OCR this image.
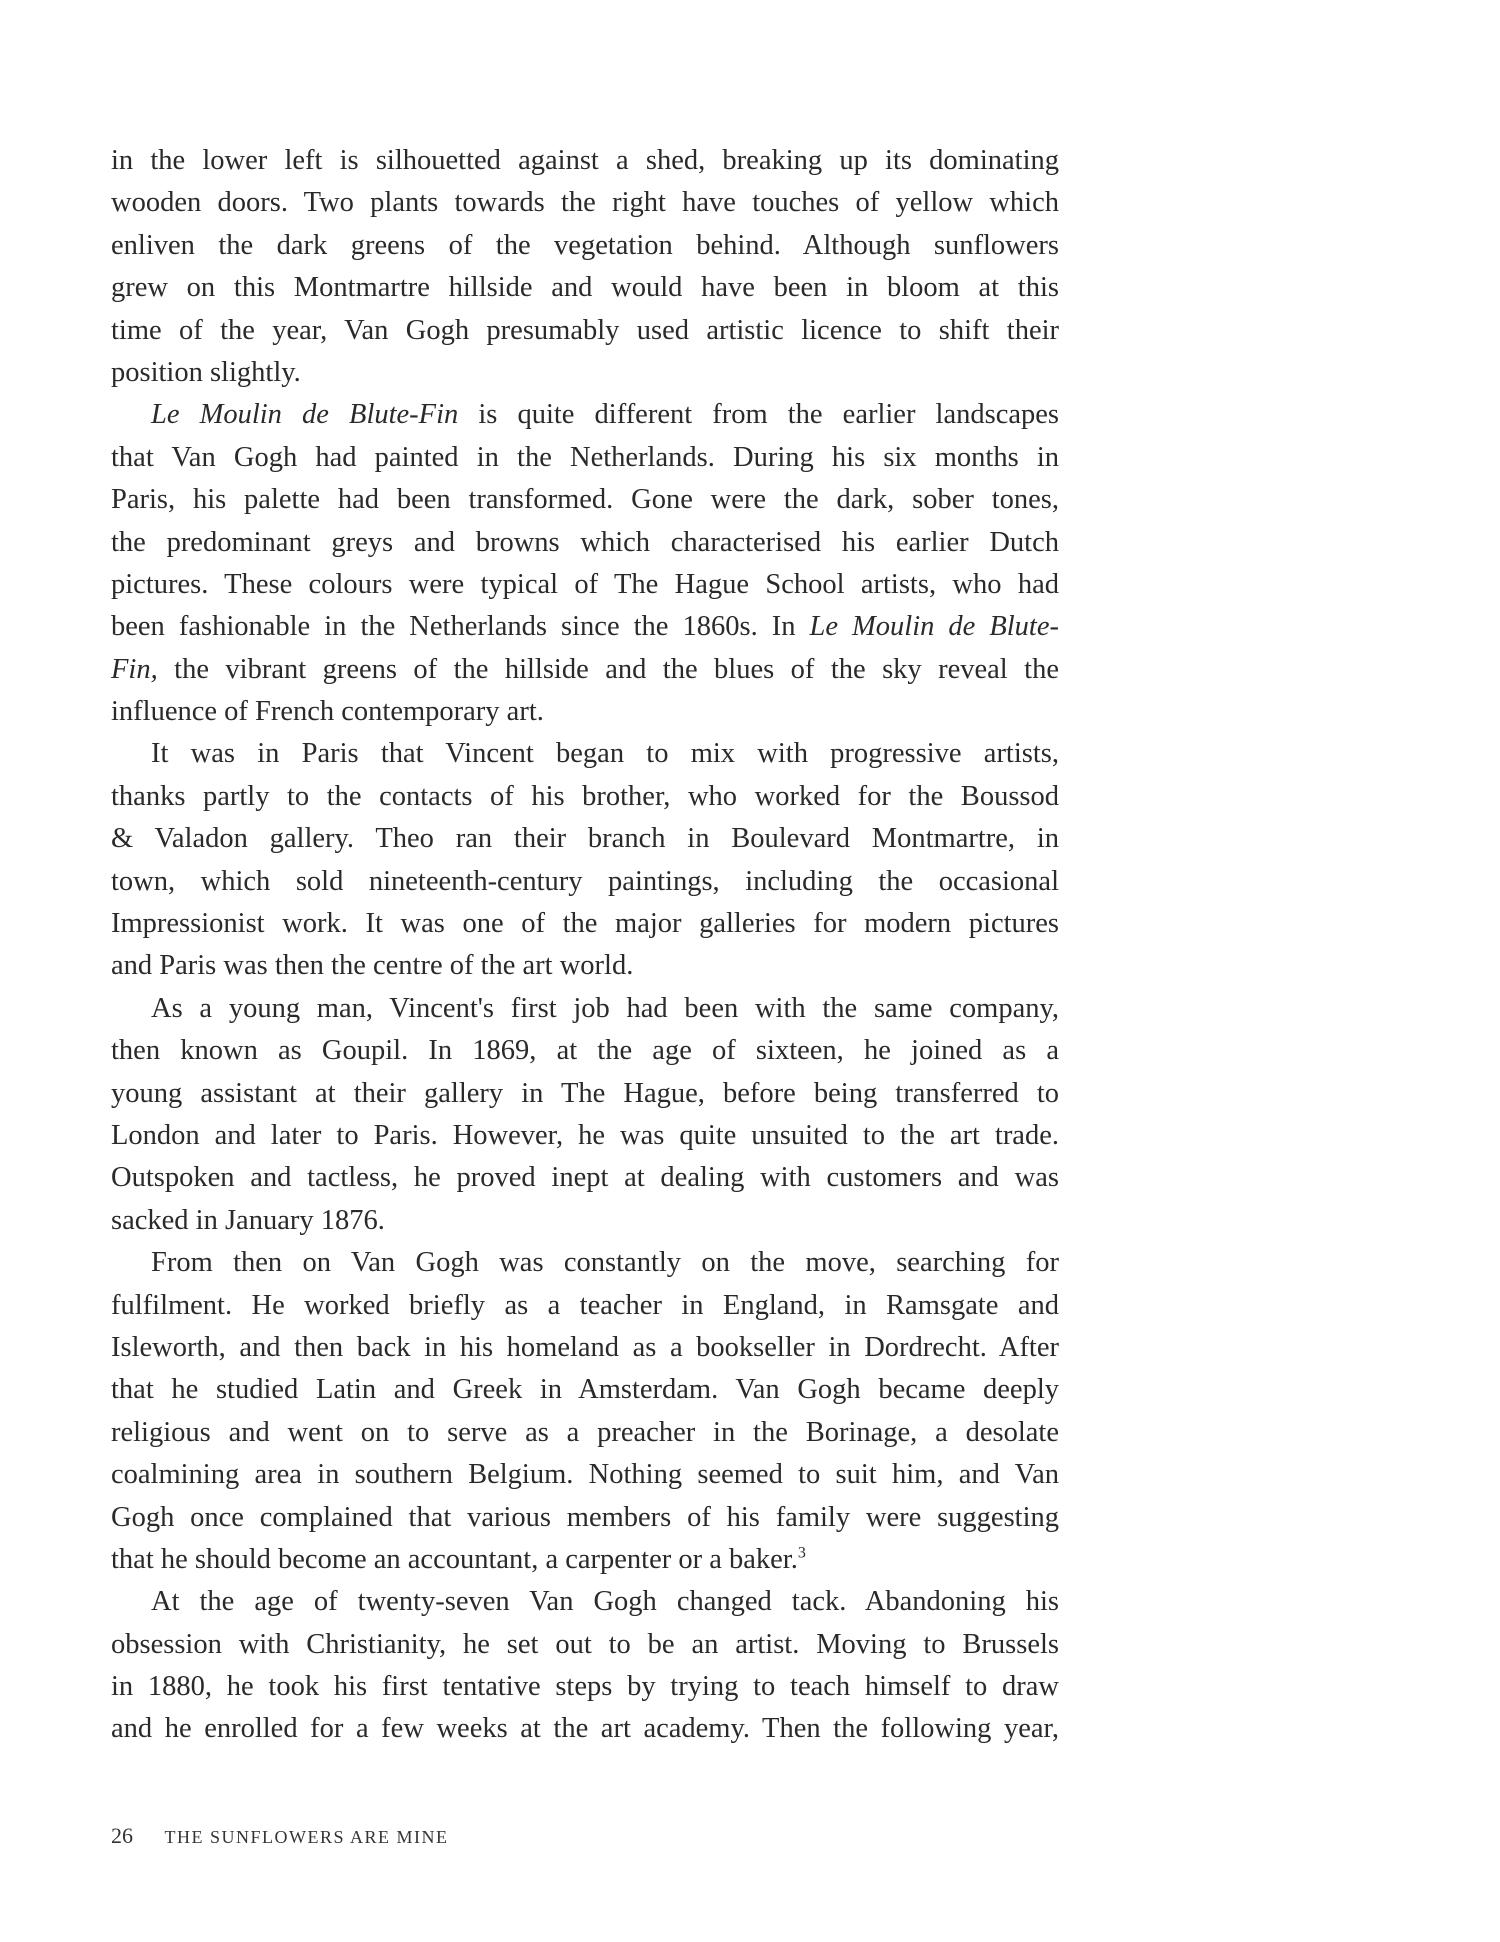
in the lower left is silhouetted against a shed, breaking up its dominating
wooden doors. Two plants towards the right have touches of yellow which
enliven the dark greens of the vegetation behind. Although sunflowers
grew on this Montmartre hillside and would have been in bloom at this
time of the year, Van Gogh presumably used artistic licence to shift their
position slightly.
Le Moulin de Blute-Fin is quite different from the earlier landscapes
that Van Gogh had painted in the Netherlands. During his six months in
Paris, his palette had been transformed. Gone were the dark, sober tones,
the predominant greys and browns which characterised his earlier Dutch
pictures. These colours were typical of The Hague School artists, who had
been fashionable in the Netherlands since the 1860s. In Le Moulin de Blute-
Fin, the vibrant greens of the hillside and the blues of the sky reveal the
influence of French contemporary art.
It was in Paris that Vincent began to mix with progressive artists,
thanks partly to the contacts of his brother, who worked for the Boussod
& Valadon gallery. Theo ran their branch in Boulevard Montmartre, in
town, which sold nineteenth-century paintings, including the occasional
Impressionist work. It was one of the major galleries for modern pictures
and Paris was then the centre of the art world.
As a young man, Vincent's first job had been with the same company,
then known as Goupil. In 1869, at the age of sixteen, he joined as a
young assistant at their gallery in The Hague, before being transferred to
London and later to Paris. However, he was quite unsuited to the art trade.
Outspoken and tactless, he proved inept at dealing with customers and was
sacked in January 1876.
From then on Van Gogh was constantly on the move, searching for
fulfilment. He worked briefly as a teacher in England, in Ramsgate and
Isleworth, and then back in his homeland as a bookseller in Dordrecht. After
that he studied Latin and Greek in Amsterdam. Van Gogh became deeply
religious and went on to serve as a preacher in the Borinage, a desolate
coalmining area in southern Belgium. Nothing seemed to suit him, and Van
Gogh once complained that various members of his family were suggesting
that he should become an accountant, a carpenter or a baker.$^3$
At the age of twenty-seven Van Gogh changed tack. Abandoning his
obsession with Christianity, he set out to be an artist. Moving to Brussels
in 1880, he took his first tentative steps by trying to teach himself to draw
and he enrolled for a few weeks at the art academy. Then the following year,
26 THE SUNFLOWERS ARE MINE
